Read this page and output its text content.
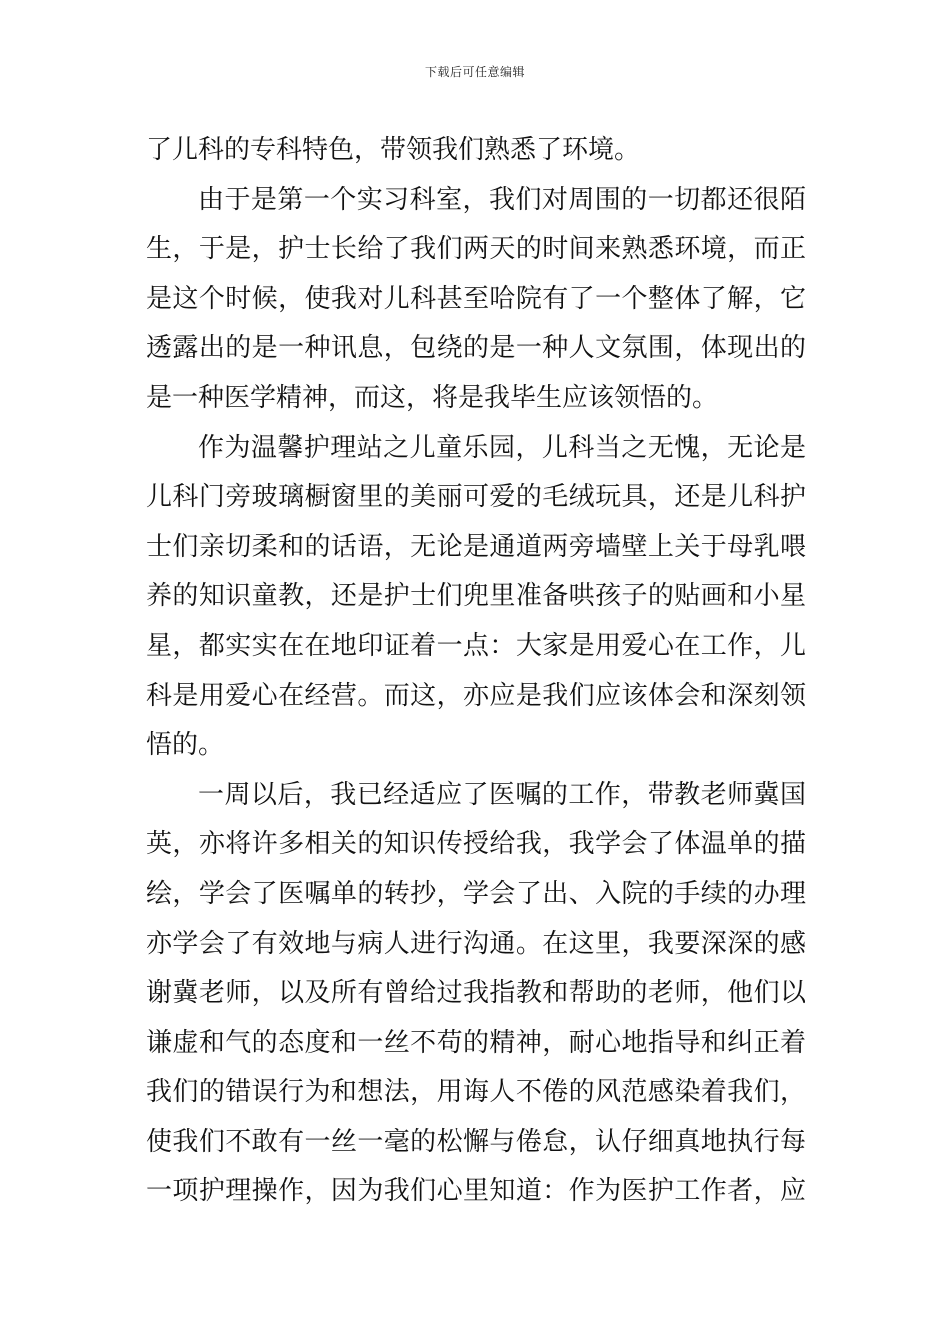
下载后可任意编辑
了儿科的专科特色，带领我们熟悉了环境。
由于是第一个实习科室，我们对周围的一切都还很陌
生，于是，护士长给了我们两天的时间来熟悉环境，而正
是这个时候，使我对儿科甚至哈院有了一个整体了解，它
透露出的是一种讯息，包绕的是一种人文氛围，体现出的
是一种医学精神，而这，将是我毕生应该领悟的。
作为温馨护理站之儿童乐园，儿科当之无愧，无论是
儿科门旁玻璃橱窗里的美丽可爱的毛绒玩具，还是儿科护
士们亲切柔和的话语，无论是通道两旁墙壁上关于母乳喂
养的知识童教，还是护士们兜里准备哄孩子的贴画和小星
星，都实实在在地印证着一点：大家是用爱心在工作，儿
科是用爱心在经营。而这，亦应是我们应该体会和深刻领
悟的。
一周以后，我已经适应了医嘱的工作，带教老师冀国
英，亦将许多相关的知识传授给我，我学会了体温单的描
绘，学会了医嘱单的转抄，学会了出、入院的手续的办理
亦学会了有效地与病人进行沟通。在这里，我要深深的感
谢冀老师，以及所有曾给过我指教和帮助的老师，他们以
谦虚和气的态度和一丝不苟的精神，耐心地指导和纠正着
我们的错误行为和想法，用诲人不倦的风范感染着我们，
使我们不敢有一丝一毫的松懈与倦怠，认仔细真地执行每
一项护理操作，因为我们心里知道：作为医护工作者，应
